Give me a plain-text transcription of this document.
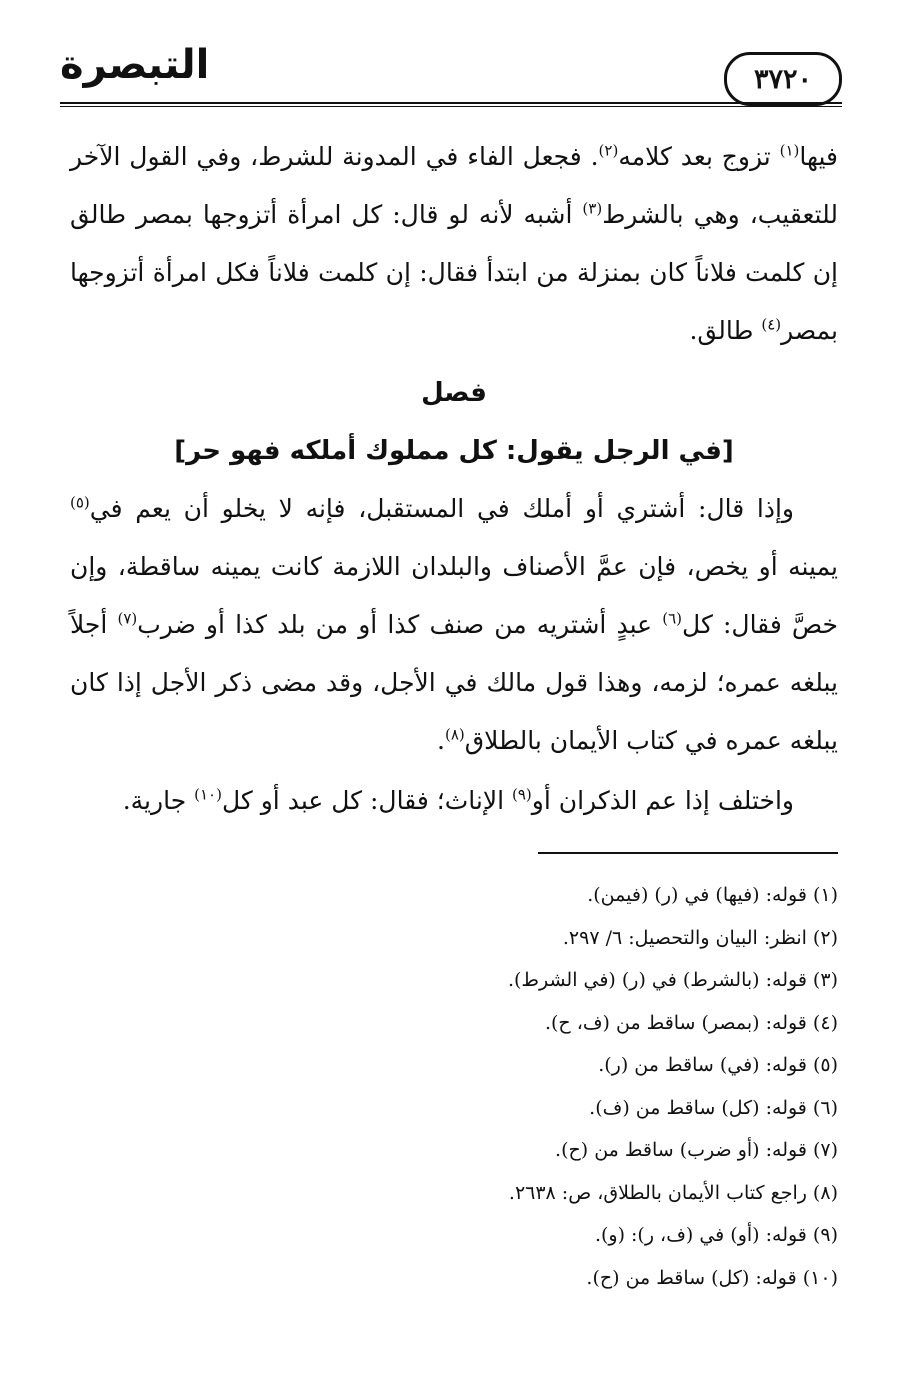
٣٧٢٠
التبصرة

فيها$^{(١)}$ تزوج بعد كلامه$^{(٢)}$. فجعل الفاء في المدونة للشرط، وفي القول الآخر للتعقيب، وهي بالشرط$^{(٣)}$ أشبه لأنه لو قال: كل امرأة أتزوجها بمصر طالق إن كلمت فلاناً كان بمنزلة من ابتدأ فقال: إن كلمت فلاناً فكل امرأة أتزوجها بمصر$^{(٤)}$ طالق.

فصل
[في الرجل يقول: كل مملوك أملكه فهو حر]

وإذا قال: أشتري أو أملك في المستقبل، فإنه لا يخلو أن يعم في$^{(٥)}$ يمينه أو يخص، فإن عمَّ الأصناف والبلدان اللازمة كانت يمينه ساقطة، وإن خصَّ فقال: كل$^{(٦)}$ عبدٍ أشتريه من صنف كذا أو من بلد كذا أو ضرب$^{(٧)}$ أجلاً يبلغه عمره؛ لزمه، وهذا قول مالك في الأجل، وقد مضى ذكر الأجل إذا كان يبلغه عمره في كتاب الأيمان بالطلاق$^{(٨)}$.

واختلف إذا عم الذكران أو$^{(٩)}$ الإناث؛ فقال: كل عبد أو كل$^{(١٠)}$ جارية.

(١) قوله: (فيها) في (ر) (فيمن).
(٢) انظر: البيان والتحصيل: ٦/ ٢٩٧.
(٣) قوله: (بالشرط) في (ر) (في الشرط).
(٤) قوله: (بمصر) ساقط من (ف، ح).
(٥) قوله: (في) ساقط من (ر).
(٦) قوله: (كل) ساقط من (ف).
(٧) قوله: (أو ضرب) ساقط من (ح).
(٨) راجع كتاب الأيمان بالطلاق، ص: ٢٦٣٨.
(٩) قوله: (أو) في (ف، ر): (و).
(١٠) قوله: (كل) ساقط من (ح).
